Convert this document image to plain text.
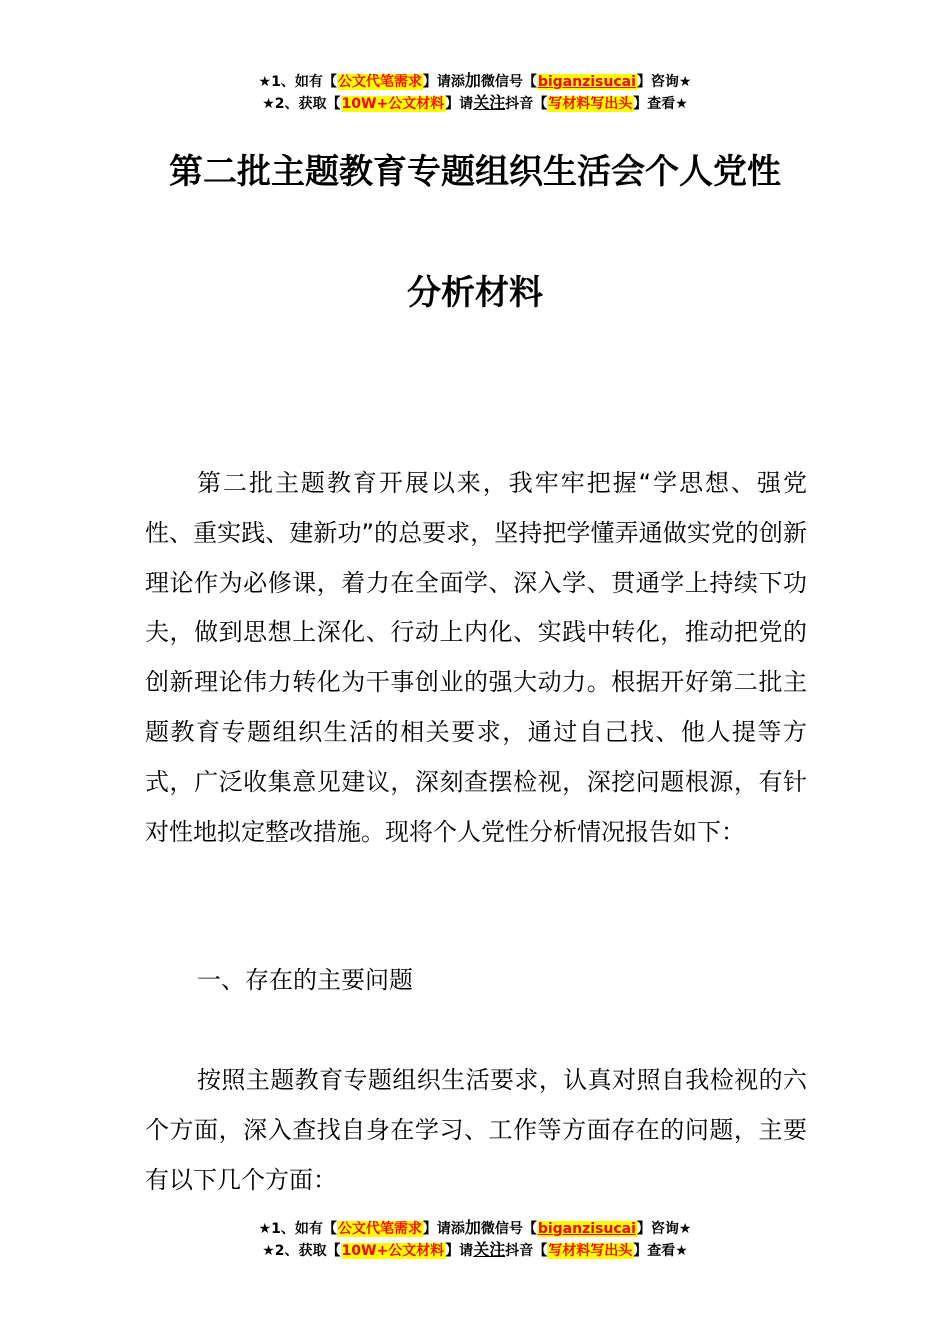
★1、如有【公文代笔需求】请添加微信号【biganzisucai】咨询★
★2、获取【10W+公文材料】请关注抖音【写材料写出头】查看★
第二批主题教育专题组织生活会个人党性
分析材料

第二批主题教育开展以来，我牢牢把握“学思想、强党性、重实践、建新功”的总要求，坚持把学懂弄通做实党的创新理论作为必修课，着力在全面学、深入学、贯通学上持续下功夫，做到思想上深化、行动上内化、实践中转化，推动把党的创新理论伟力转化为干事创业的强大动力。根据开好第二批主题教育专题组织生活的相关要求，通过自己找、他人提等方式，广泛收集意见建议，深刻查摆检视，深挖问题根源，有针对性地拟定整改措施。现将个人党性分析情况报告如下：

一、存在的主要问题

按照主题教育专题组织生活要求，认真对照自我检视的六个方面，深入查找自身在学习、工作等方面存在的问题，主要有以下几个方面：

★1、如有【公文代笔需求】请添加微信号【biganzisucai】咨询★
★2、获取【10W+公文材料】请关注抖音【写材料写出头】查看★
